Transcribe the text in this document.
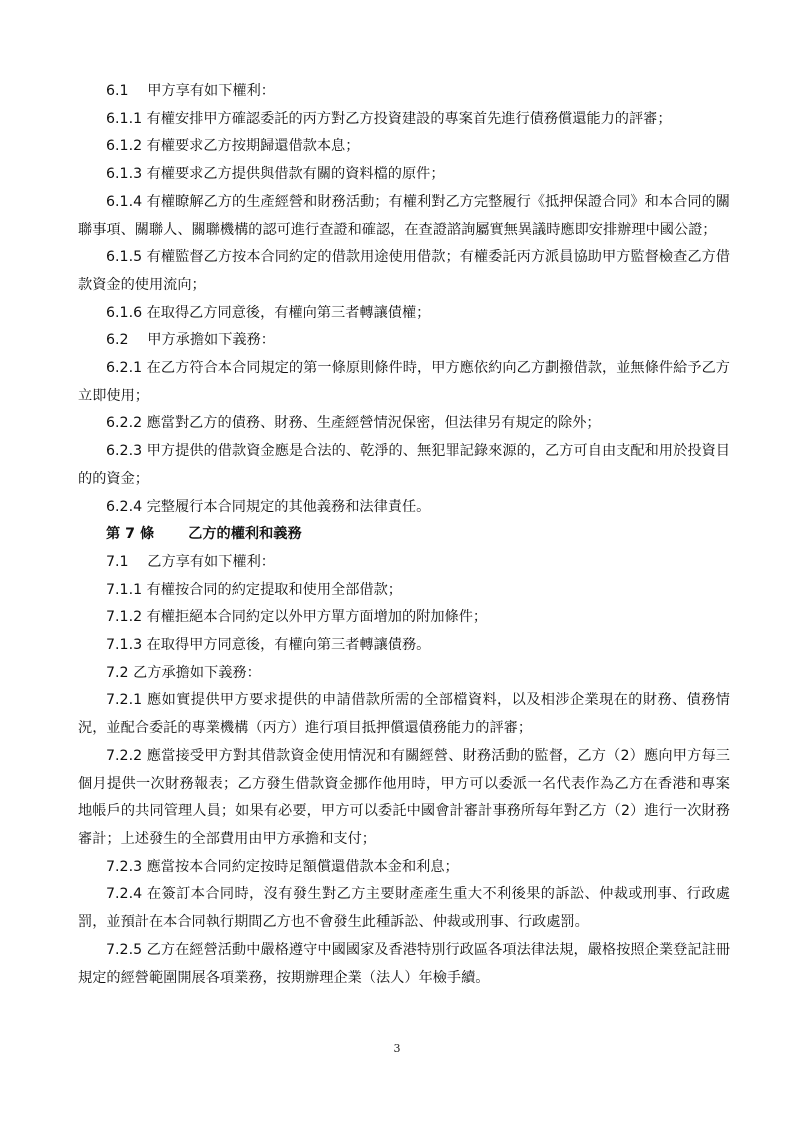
6.1　 甲方享有如下權利：

6.1.1 有權安排甲方確認委託的丙方對乙方投資建設的專案首先進行債務償還能力的評審；

6.1.2 有權要求乙方按期歸還借款本息；

6.1.3 有權要求乙方提供與借款有關的資料檔的原件；

6.1.4 有權瞭解乙方的生產經營和財務活動；有權利對乙方完整履行《抵押保證合同》和本合同的關聯事項、關聯人、關聯機構的認可進行查證和確認，在查證諮詢屬實無異議時應即安排辦理中國公證；

6.1.5 有權監督乙方按本合同約定的借款用途使用借款；有權委託丙方派員協助甲方監督檢查乙方借款資金的使用流向；

6.1.6 在取得乙方同意後，有權向第三者轉讓債權；

6.2　 甲方承擔如下義務：

6.2.1 在乙方符合本合同規定的第一條原則條件時，甲方應依約向乙方劃撥借款，並無條件給予乙方立即使用；

6.2.2 應當對乙方的債務、財務、生產經營情況保密，但法律另有規定的除外；

6.2.3 甲方提供的借款資金應是合法的、乾淨的、無犯罪記錄來源的，乙方可自由支配和用於投資目的的資金；

6.2.4 完整履行本合同規定的其他義務和法律責任。

第 7 條 乙方的權利和義務

7.1　 乙方享有如下權利：

7.1.1 有權按合同的約定提取和使用全部借款；

7.1.2 有權拒絕本合同約定以外甲方單方面增加的附加條件；

7.1.3 在取得甲方同意後，有權向第三者轉讓債務。

7.2 乙方承擔如下義務：

7.2.1 應如實提供甲方要求提供的申請借款所需的全部檔資料，以及相涉企業現在的財務、債務情況，並配合委託的專業機構（丙方）進行項目抵押償還債務能力的評審；

7.2.2 應當接受甲方對其借款資金使用情況和有關經營、財務活動的監督，乙方（2）應向甲方每三個月提供一次財務報表；乙方發生借款資金挪作他用時，甲方可以委派一名代表作為乙方在香港和專案地帳戶的共同管理人員；如果有必要，甲方可以委託中國會計審計事務所每年對乙方（2）進行一次財務審計；上述發生的全部費用由甲方承擔和支付；

7.2.3 應當按本合同約定按時足額償還借款本金和利息；

7.2.4 在簽訂本合同時，沒有發生對乙方主要財產產生重大不利後果的訴訟、仲裁或刑事、行政處罰，並預計在本合同執行期間乙方也不會發生此種訴訟、仲裁或刑事、行政處罰。

7.2.5 乙方在經營活動中嚴格遵守中國國家及香港特別行政區各項法律法規，嚴格按照企業登記註冊規定的經營範圍開展各項業務，按期辦理企業（法人）年檢手續。

3
